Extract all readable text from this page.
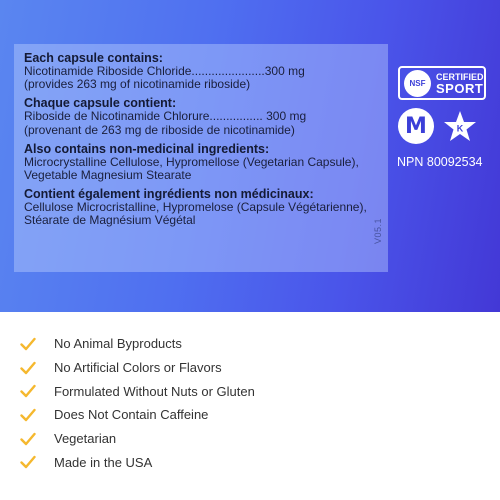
Each capsule contains:
Nicotinamide Riboside Chloride......................300 mg
(provides 263 mg of nicotinamide riboside)
Chaque capsule contient:
Riboside de Nicotinamide Chlorure................ 300 mg
(provenant de 263 mg de riboside de nicotinamide)
Also contains non-medicinal ingredients:
Microcrystalline Cellulose, Hypromellose (Vegetarian Capsule), Vegetable Magnesium Stearate
Contient également ingrédients non médicinaux:
Cellulose Microcristalline, Hypromelose (Capsule Végétarienne), Stéarate de Magnésium Végétal	V05.1
NSF
CERTIFIED
SPORT
M	K
NPN 80092534
No Animal Byproducts
No Artificial Colors or Flavors
Formulated Without Nuts or Gluten
Does Not Contain Caffeine
Vegetarian
Made in the USA
